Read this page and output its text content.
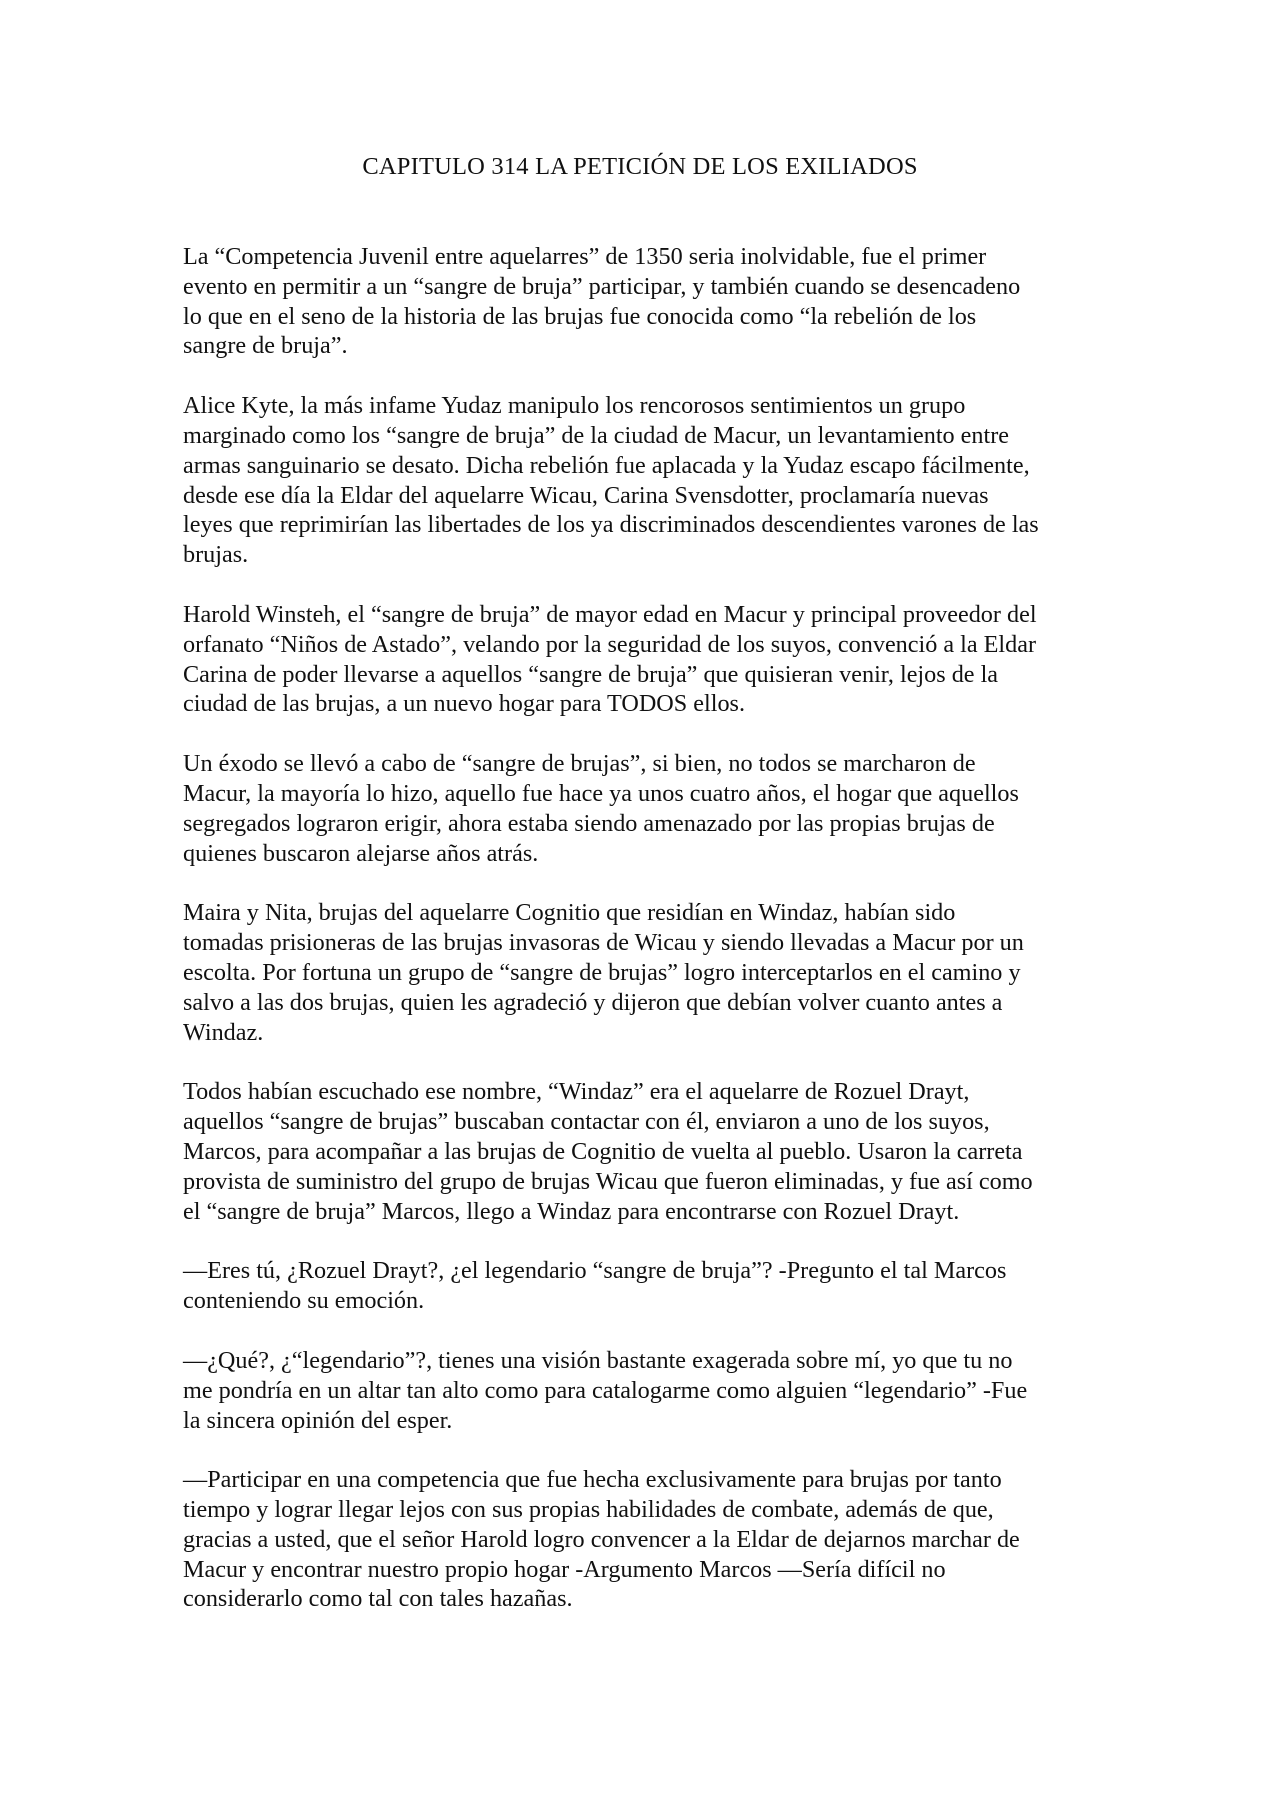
CAPITULO 314 LA PETICIÓN DE LOS EXILIADOS

La “Competencia Juvenil entre aquelarres” de 1350 seria inolvidable, fue el primer
evento en permitir a un “sangre de bruja” participar, y también cuando se desencadeno
lo que en el seno de la historia de las brujas fue conocida como “la rebelión de los
sangre de bruja”.

Alice Kyte, la más infame Yudaz manipulo los rencorosos sentimientos un grupo
marginado como los “sangre de bruja” de la ciudad de Macur, un levantamiento entre
armas sanguinario se desato. Dicha rebelión fue aplacada y la Yudaz escapo fácilmente,
desde ese día la Eldar del aquelarre Wicau, Carina Svensdotter, proclamaría nuevas
leyes que reprimirían las libertades de los ya discriminados descendientes varones de las
brujas.

Harold Winsteh, el “sangre de bruja” de mayor edad en Macur y principal proveedor del
orfanato “Niños de Astado”, velando por la seguridad de los suyos, convenció a la Eldar
Carina de poder llevarse a aquellos “sangre de bruja” que quisieran venir, lejos de la
ciudad de las brujas, a un nuevo hogar para TODOS ellos.

Un éxodo se llevó a cabo de “sangre de brujas”, si bien, no todos se marcharon de
Macur, la mayoría lo hizo, aquello fue hace ya unos cuatro años, el hogar que aquellos
segregados lograron erigir, ahora estaba siendo amenazado por las propias brujas de
quienes buscaron alejarse años atrás.

Maira y Nita, brujas del aquelarre Cognitio que residían en Windaz, habían sido
tomadas prisioneras de las brujas invasoras de Wicau y siendo llevadas a Macur por un
escolta. Por fortuna un grupo de “sangre de brujas” logro interceptarlos en el camino y
salvo a las dos brujas, quien les agradeció y dijeron que debían volver cuanto antes a
Windaz.

Todos habían escuchado ese nombre, “Windaz” era el aquelarre de Rozuel Drayt,
aquellos “sangre de brujas” buscaban contactar con él, enviaron a uno de los suyos,
Marcos, para acompañar a las brujas de Cognitio de vuelta al pueblo. Usaron la carreta
provista de suministro del grupo de brujas Wicau que fueron eliminadas, y fue así como
el “sangre de bruja” Marcos, llego a Windaz para encontrarse con Rozuel Drayt.

—Eres tú, ¿Rozuel Drayt?, ¿el legendario “sangre de bruja”? -Pregunto el tal Marcos
conteniendo su emoción.

—¿Qué?, ¿“legendario”?, tienes una visión bastante exagerada sobre mí, yo que tu no
me pondría en un altar tan alto como para catalogarme como alguien “legendario” -Fue
la sincera opinión del esper.

—Participar en una competencia que fue hecha exclusivamente para brujas por tanto
tiempo y lograr llegar lejos con sus propias habilidades de combate, además de que,
gracias a usted, que el señor Harold logro convencer a la Eldar de dejarnos marchar de
Macur y encontrar nuestro propio hogar -Argumento Marcos —Sería difícil no
considerarlo como tal con tales hazañas.
